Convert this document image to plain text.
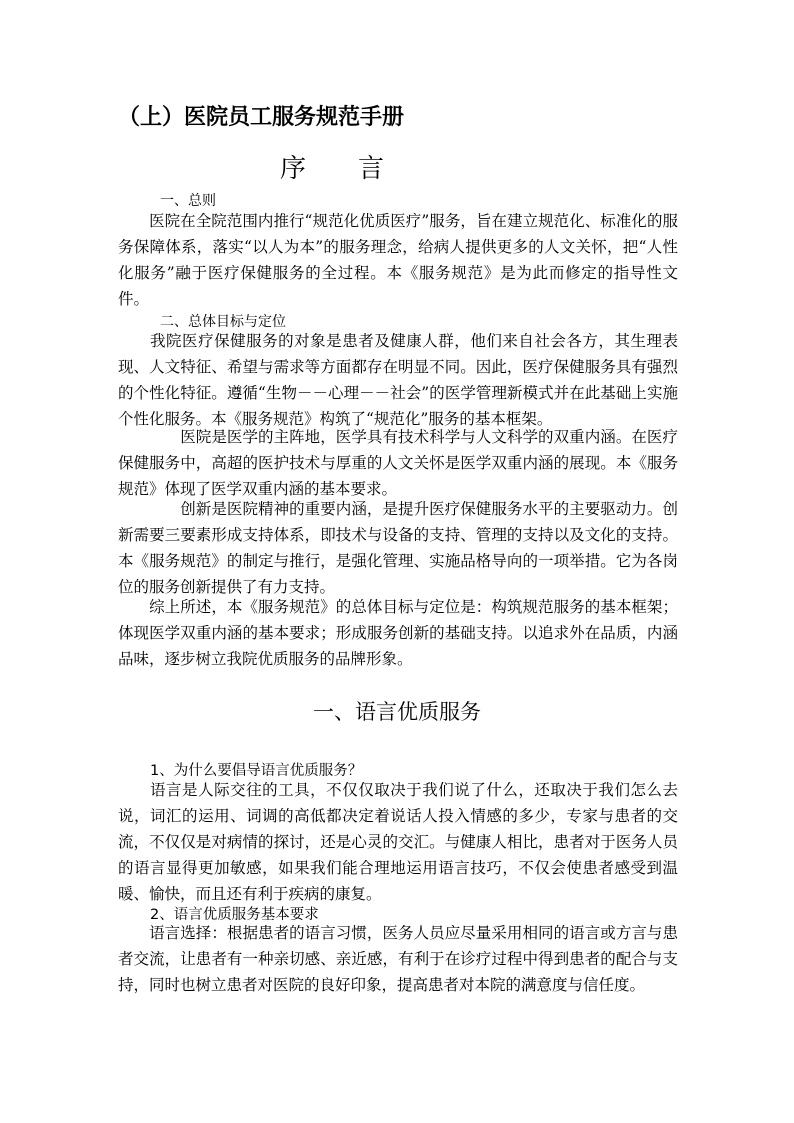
（上）医院员工服务规范手册
序　　言
一、总则

　　医院在全院范围内推行“规范化优质医疗”服务，旨在建立规范化、标准化的服务保障体系，落实“以人为本”的服务理念，给病人提供更多的人文关怀，把“人性化服务”融于医疗保健服务的全过程。本《服务规范》是为此而修定的指导性文件。

二、总体目标与定位

　　我院医疗保健服务的对象是患者及健康人群，他们来自社会各方，其生理表现、人文特征、希望与需求等方面都存在明显不同。因此，医疗保健服务具有强烈的个性化特征。遵循“生物－－心理－－社会”的医学管理新模式并在此基础上实施个性化服务。本《服务规范》构筑了“规范化”服务的基本框架。

　　　　医院是医学的主阵地，医学具有技术科学与人文科学的双重内涵。在医疗保健服务中，高超的医护技术与厚重的人文关怀是医学双重内涵的展现。本《服务规范》体现了医学双重内涵的基本要求。

　　　　创新是医院精神的重要内涵，是提升医疗保健服务水平的主要驱动力。创新需要三要素形成支持体系，即技术与设备的支持、管理的支持以及文化的支持。本《服务规范》的制定与推行，是强化管理、实施品格导向的一项举措。它为各岗位的服务创新提供了有力支持。

　　综上所述，本《服务规范》的总体目标与定位是：构筑规范服务的基本框架；体现医学双重内涵的基本要求；形成服务创新的基础支持。以追求外在品质，内涵品味，逐步树立我院优质服务的品牌形象。

一、语言优质服务
1、为什么要倡导语言优质服务？

　　语言是人际交往的工具，不仅仅取决于我们说了什么，还取决于我们怎么去说，词汇的运用、词调的高低都决定着说话人投入情感的多少，专家与患者的交流，不仅仅是对病情的探讨，还是心灵的交汇。与健康人相比，患者对于医务人员的语言显得更加敏感，如果我们能合理地运用语言技巧，不仅会使患者感受到温暖、愉快，而且还有利于疾病的康复。

2、语言优质服务基本要求

　　语言选择：根据患者的语言习惯，医务人员应尽量采用相同的语言或方言与患者交流，让患者有一种亲切感、亲近感，有利于在诊疗过程中得到患者的配合与支持，同时也树立患者对医院的良好印象，提高患者对本院的满意度与信任度。
